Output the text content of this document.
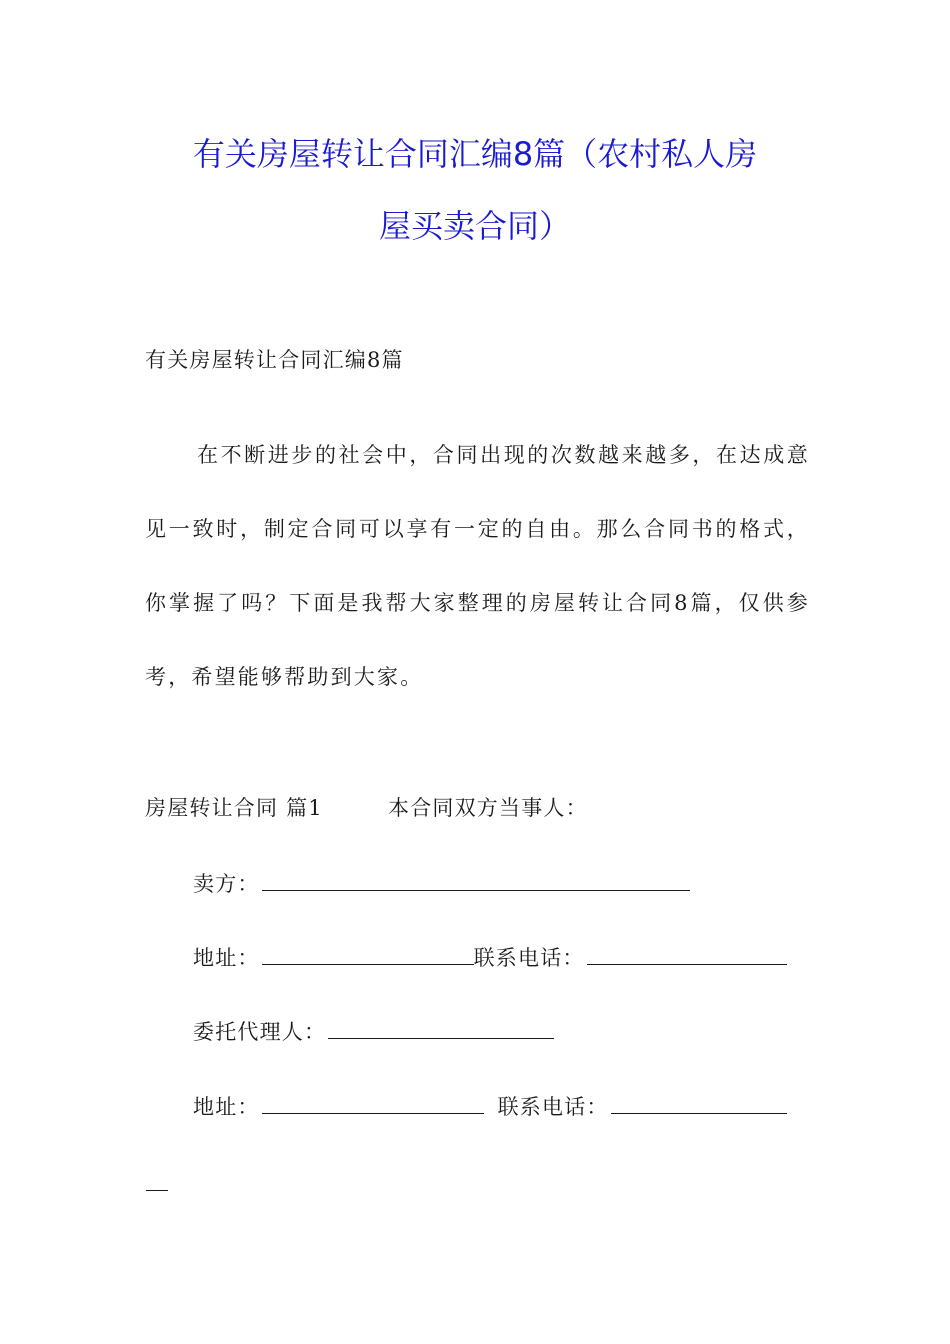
有关房屋转让合同汇编8篇（农村私人房
屋买卖合同）
有关房屋转让合同汇编8篇
在不断进步的社会中，合同出现的次数越来越多，在达成意见一致时，制定合同可以享有一定的自由。那么合同书的格式，你掌握了吗？下面是我帮大家整理的房屋转让合同8篇，仅供参考，希望能够帮助到大家。
房屋转让合同 篇1	本合同双方当事人：
卖方：
地址：	联系电话：
委托代理人：
地址：	联系电话：
